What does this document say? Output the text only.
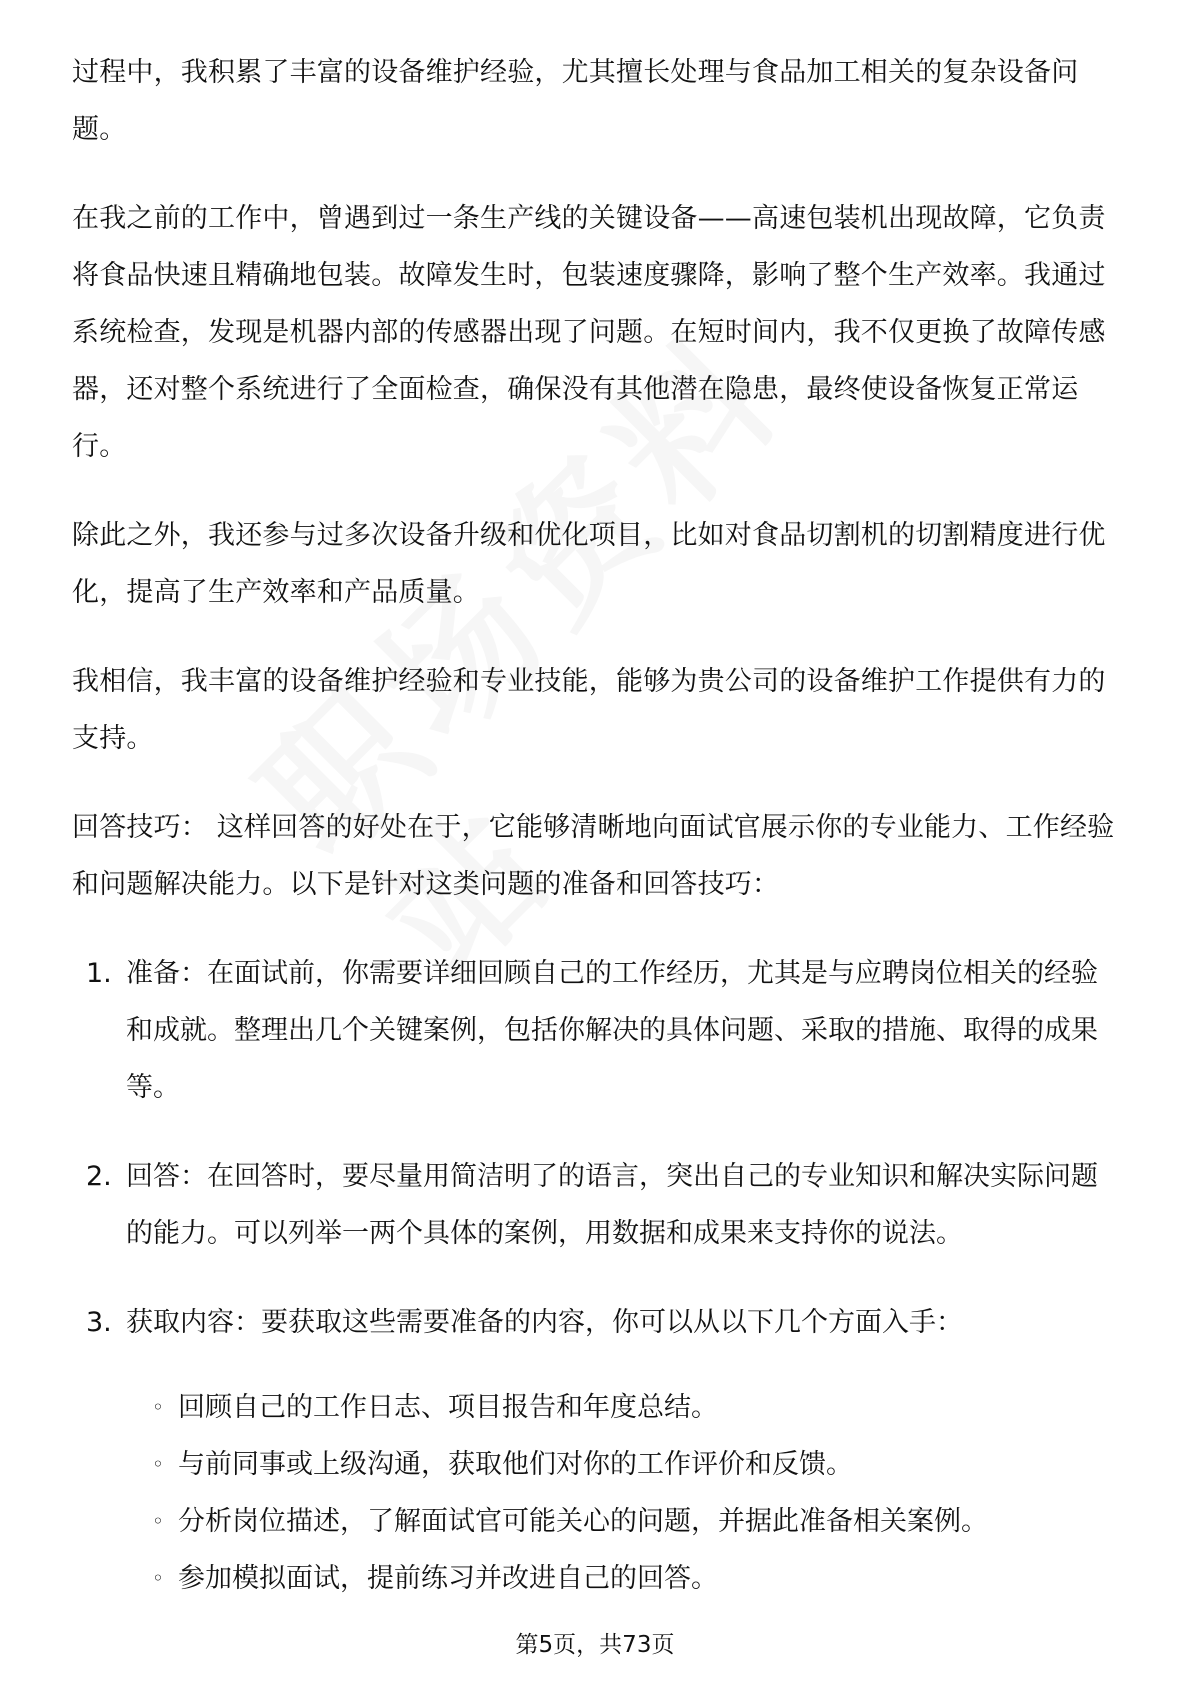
过程中，我积累了丰富的设备维护经验，尤其擅长处理与食品加工相关的复杂设备问题。

在我之前的工作中，曾遇到过一条生产线的关键设备——高速包装机出现故障，它负责将食品快速且精确地包装。故障发生时，包装速度骤降，影响了整个生产效率。我通过系统检查，发现是机器内部的传感器出现了问题。在短时间内，我不仅更换了故障传感器，还对整个系统进行了全面检查，确保没有其他潜在隐患，最终使设备恢复正常运行。

除此之外，我还参与过多次设备升级和优化项目，比如对食品切割机的切割精度进行优化，提高了生产效率和产品质量。

我相信，我丰富的设备维护经验和专业技能，能够为贵公司的设备维护工作提供有力的支持。

回答技巧： 这样回答的好处在于，它能够清晰地向面试官展示你的专业能力、工作经验和问题解决能力。以下是针对这类问题的准备和回答技巧：

1. 准备：在面试前，你需要详细回顾自己的工作经历，尤其是与应聘岗位相关的经验和成就。整理出几个关键案例，包括你解决的具体问题、采取的措施、取得的成果等。
2. 回答：在回答时，要尽量用简洁明了的语言，突出自己的专业知识和解决实际问题的能力。可以列举一两个具体的案例，用数据和成果来支持你的说法。
3. 获取内容：要获取这些需要准备的内容，你可以从以下几个方面入手：
◦ 回顾自己的工作日志、项目报告和年度总结。
◦ 与前同事或上级沟通，获取他们对你的工作评价和反馈。
◦ 分析岗位描述，了解面试官可能关心的问题，并据此准备相关案例。
◦ 参加模拟面试，提前练习并改进自己的回答。
第5页，共73页
